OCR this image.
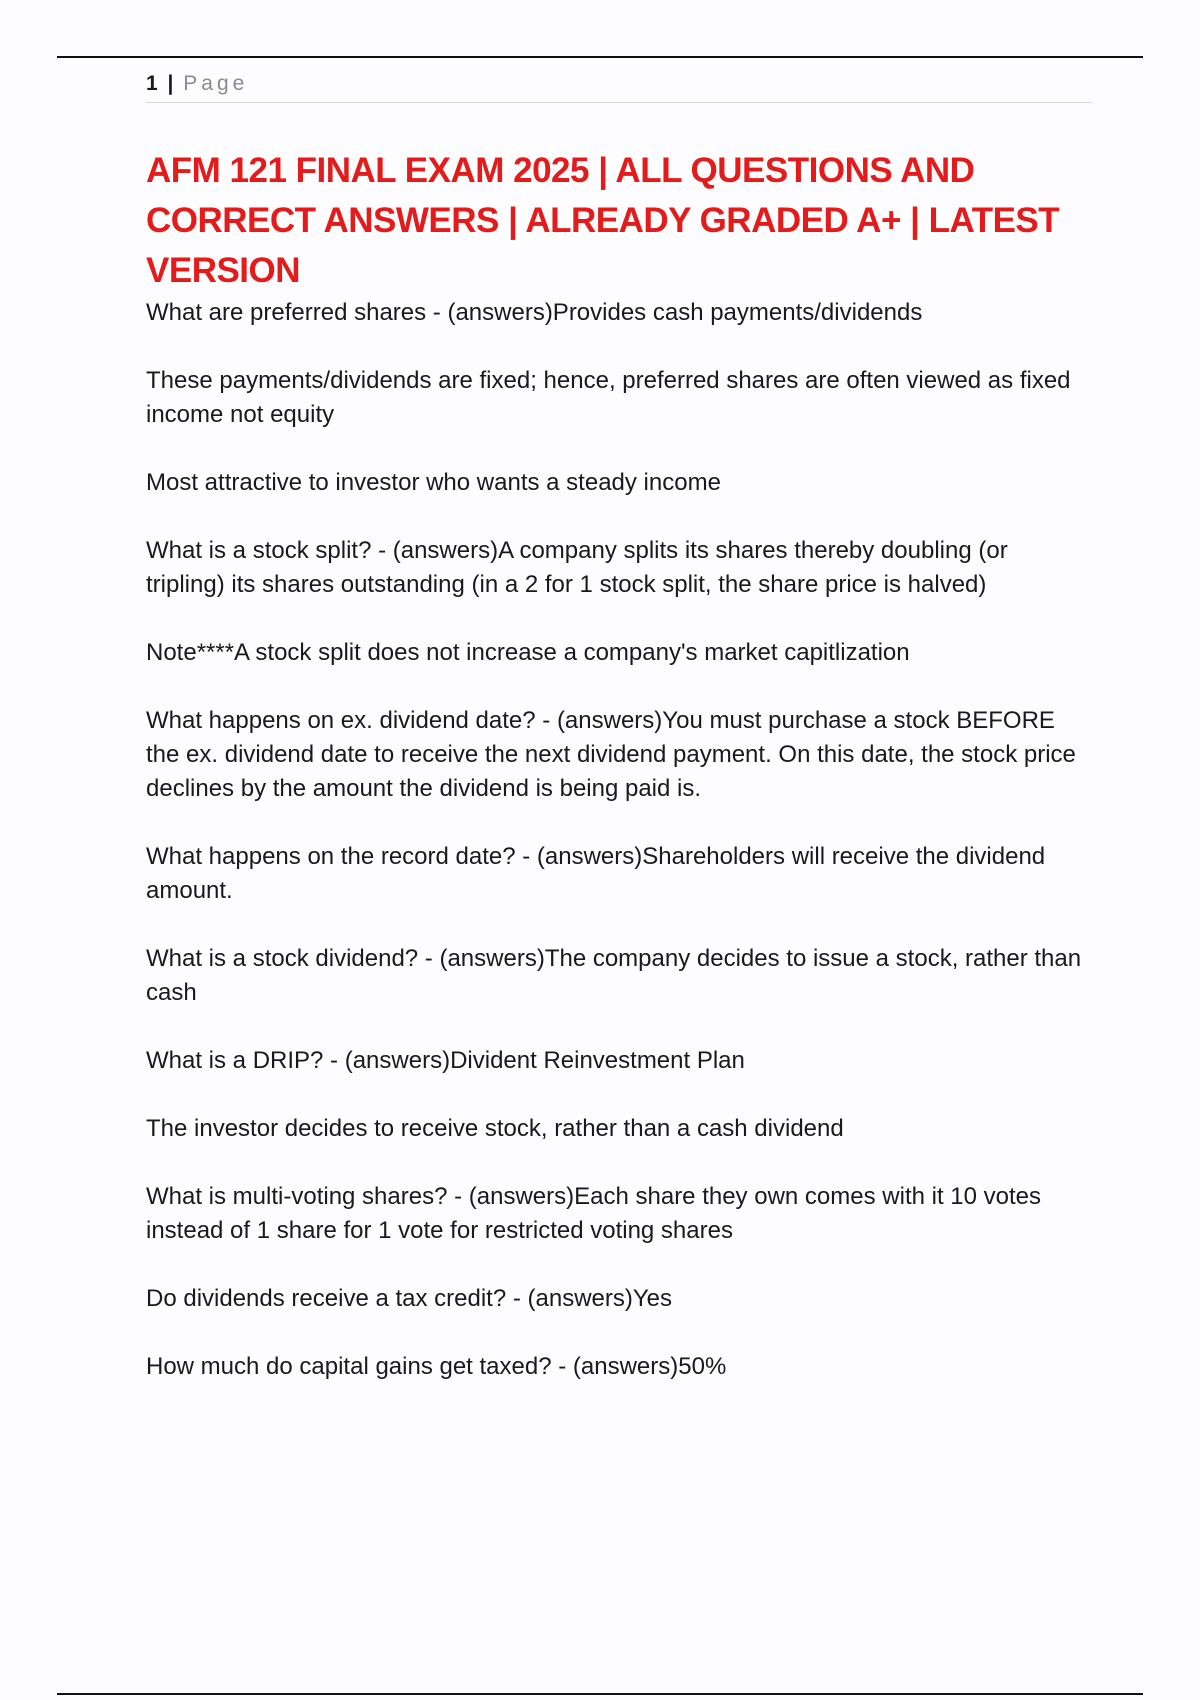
1 | Page
AFM 121 FINAL EXAM 2025 | ALL QUESTIONS AND CORRECT ANSWERS | ALREADY GRADED A+ | LATEST VERSION

What are preferred shares - (answers)Provides cash payments/dividends

These payments/dividends are fixed; hence, preferred shares are often viewed as fixed income not equity

Most attractive to investor who wants a steady income

What is a stock split? - (answers)A company splits its shares thereby doubling (or tripling) its shares outstanding (in a 2 for 1 stock split, the share price is halved)

Note****A stock split does not increase a company's market capitlization

What happens on ex. dividend date? - (answers)You must purchase a stock BEFORE the ex. dividend date to receive the next dividend payment. On this date, the stock price declines by the amount the dividend is being paid is.

What happens on the record date? - (answers)Shareholders will receive the dividend amount.

What is a stock dividend? - (answers)The company decides to issue a stock, rather than cash

What is a DRIP? - (answers)Divident Reinvestment Plan

The investor decides to receive stock, rather than a cash dividend

What is multi-voting shares? - (answers)Each share they own comes with it 10 votes instead of 1 share for 1 vote for restricted voting shares

Do dividends receive a tax credit? - (answers)Yes

How much do capital gains get taxed? - (answers)50%
